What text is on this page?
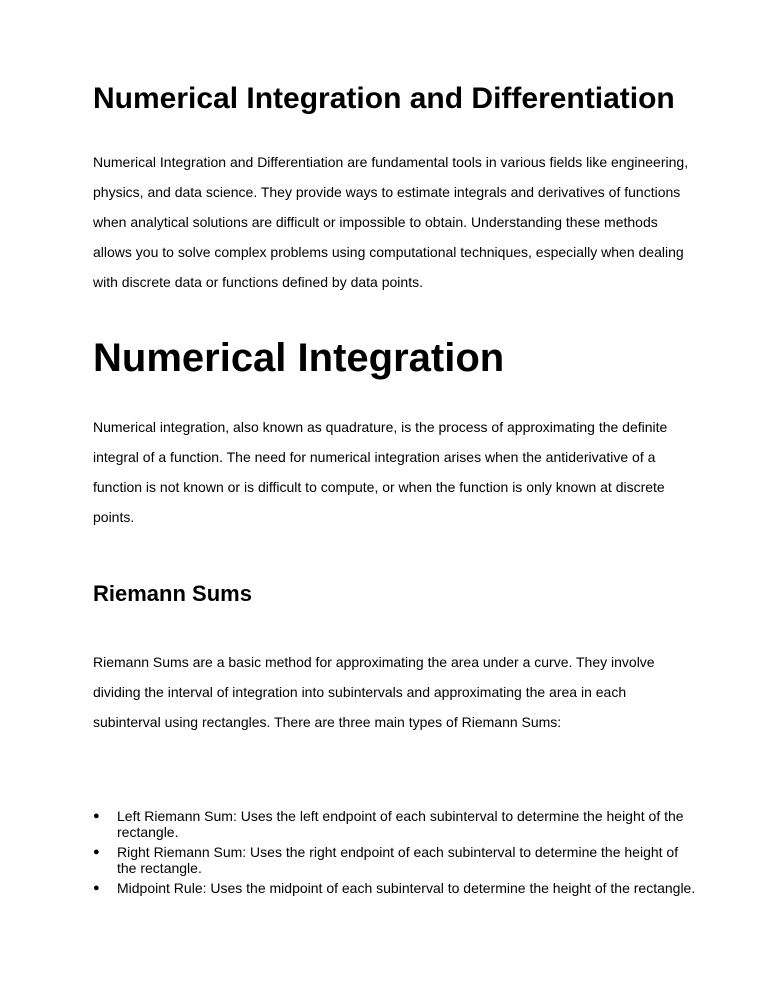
Numerical Integration and Differentiation

Numerical Integration and Differentiation are fundamental tools in various fields like engineering, physics, and data science. They provide ways to estimate integrals and derivatives of functions when analytical solutions are difficult or impossible to obtain. Understanding these methods allows you to solve complex problems using computational techniques, especially when dealing with discrete data or functions defined by data points.

Numerical Integration

Numerical integration, also known as quadrature, is the process of approximating the definite integral of a function. The need for numerical integration arises when the antiderivative of a function is not known or is difficult to compute, or when the function is only known at discrete points.

Riemann Sums

Riemann Sums are a basic method for approximating the area under a curve. They involve dividing the interval of integration into subintervals and approximating the area in each subinterval using rectangles. There are three main types of Riemann Sums:

● Left Riemann Sum: Uses the left endpoint of each subinterval to determine the height of the rectangle.
● Right Riemann Sum: Uses the right endpoint of each subinterval to determine the height of the rectangle.
● Midpoint Rule: Uses the midpoint of each subinterval to determine the height of the rectangle.
